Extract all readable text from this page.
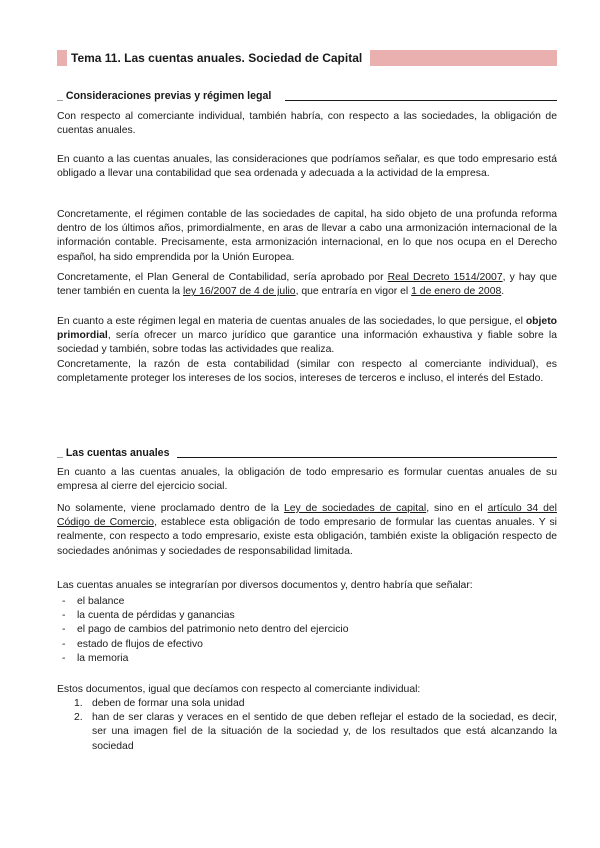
Tema 11. Las cuentas anuales. Sociedad de Capital
_ Consideraciones previas y régimen legal

Con respecto al comerciante individual, también habría, con respecto a las sociedades, la obligación de cuentas anuales.

En cuanto a las cuentas anuales, las consideraciones que podríamos señalar, es que todo empresario está obligado a llevar una contabilidad que sea ordenada y adecuada a la actividad de la empresa.

Concretamente, el régimen contable de las sociedades de capital, ha sido objeto de una profunda reforma dentro de los últimos años, primordialmente, en aras de llevar a cabo una armonización internacional de la información contable. Precisamente, esta armonización internacional, en lo que nos ocupa en el Derecho español, ha sido emprendida por la Unión Europea.

Concretamente, el Plan General de Contabilidad, sería aprobado por Real Decreto 1514/2007, y hay que tener también en cuenta la ley 16/2007 de 4 de julio, que entraría en vigor el 1 de enero de 2008.

En cuanto a este régimen legal en materia de cuentas anuales de las sociedades, lo que persigue, el objeto primordial, sería ofrecer un marco jurídico que garantice una información exhaustiva y fiable sobre la sociedad y también, sobre todas las actividades que realiza.

Concretamente, la razón de esta contabilidad (similar con respecto al comerciante individual), es completamente proteger los intereses de los socios, intereses de terceros e incluso, el interés del Estado.

_ Las cuentas anuales

En cuanto a las cuentas anuales, la obligación de todo empresario es formular cuentas anuales de su empresa al cierre del ejercicio social.

No solamente, viene proclamado dentro de la Ley de sociedades de capital, sino en el artículo 34 del Código de Comercio, establece esta obligación de todo empresario de formular las cuentas anuales. Y si realmente, con respecto a todo empresario, existe esta obligación, también existe la obligación respecto de sociedades anónimas y sociedades de responsabilidad limitada.

Las cuentas anuales se integrarían por diversos documentos y, dentro habría que señalar:

- el balance
- la cuenta de pérdidas y ganancias
- el pago de cambios del patrimonio neto dentro del ejercicio
- estado de flujos de efectivo
- la memoria

Estos documentos, igual que decíamos con respecto al comerciante individual:

1. deben de formar una sola unidad
2. han de ser claras y veraces en el sentido de que deben reflejar el estado de la sociedad, es decir, ser una imagen fiel de la situación de la sociedad y, de los resultados que está alcanzando la sociedad
